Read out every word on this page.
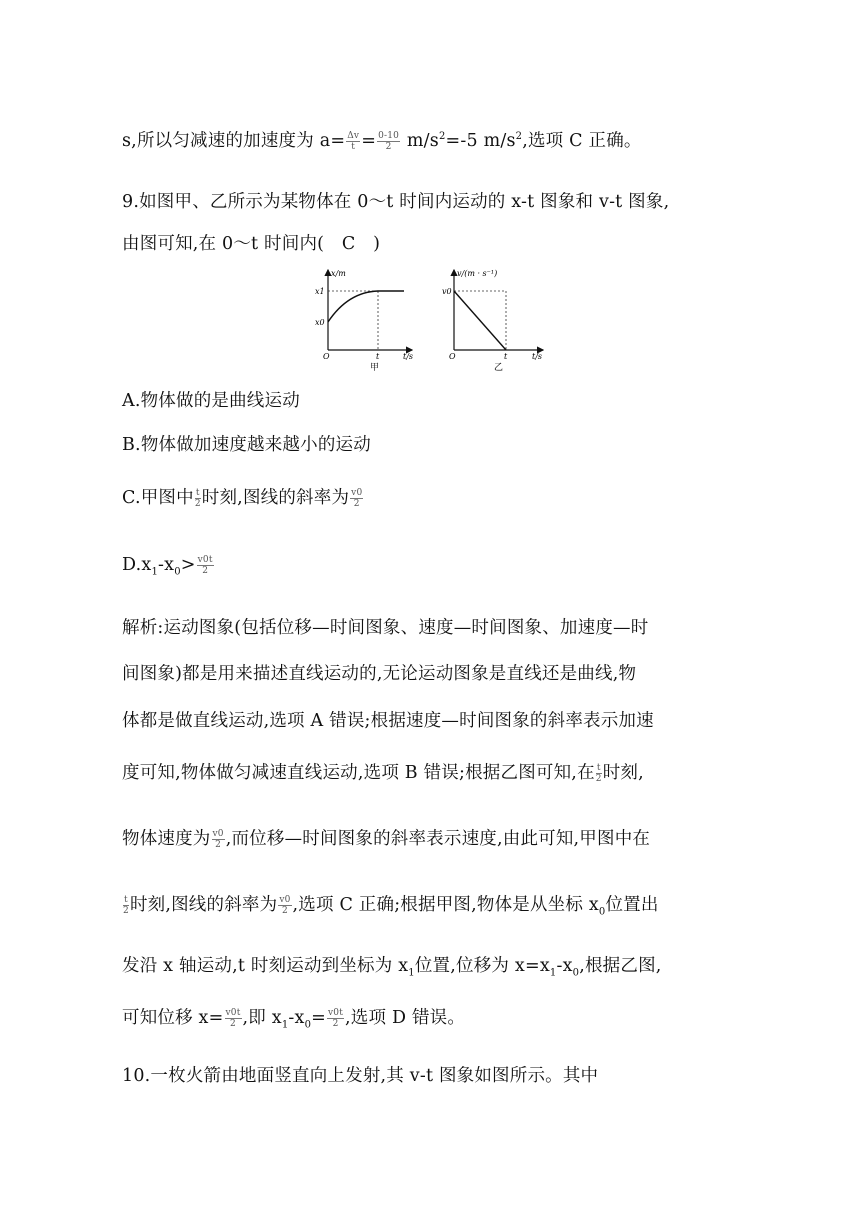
s,所以匀减速的加速度为 $a= \frac{\Delta v}{t} = \frac{0-10}{2} m/s^2=-5$ $m/s^2$,选项 C 正确。
9.如图甲、乙所示为某物体在 0～t 时间内运动的 x-t 图象和 v-t 图象,
由图可知,在 0～t 时间内(　C　)
x/m
x1
x0
O	t	t/s
甲
v/(m · s⁻¹)
v0
O	t	t/s
乙
A.物体做的是曲线运动
B.物体做加速度越来越小的运动
C.甲图中 $\frac{t}{2}$ 时刻,图线的斜率为 $\frac{v0}{2}$
$D.x_1-x_0> \frac{v0t}{2}$
解析:运动图象(包括位移—时间图象、速度—时间图象、加速度—时
间图象)都是用来描述直线运动的,无论运动图象是直线还是曲线,物
体都是做直线运动,选项 A 错误;根据速度—时间图象的斜率表示加速
度可知,物体做匀减速直线运动,选项 B 错误;根据乙图可知,在 $\frac{t}{2}$ 时刻,
物体速度为 $\frac{v0}{2}$ ,而位移—时间图象的斜率表示速度,由此可知,甲图中在
$\frac{t}{2}$ 时刻,图线的斜率为 $\frac{v0}{2}$ ,选项 C 正确;根据甲图,物体是从坐标 $x_0$位置出
发沿 x 轴运动,t 时刻运动到坐标为 $x_1$位置,位移为 $x=x_1-x_0$,根据乙图,
可知位移 $x= \frac{v0t}{2}$ ,即 $x_1-x_0= \frac{v0t}{2}$ ,选项 D 错误。
10.一枚火箭由地面竖直向上发射,其 v-t 图象如图所示。其中
